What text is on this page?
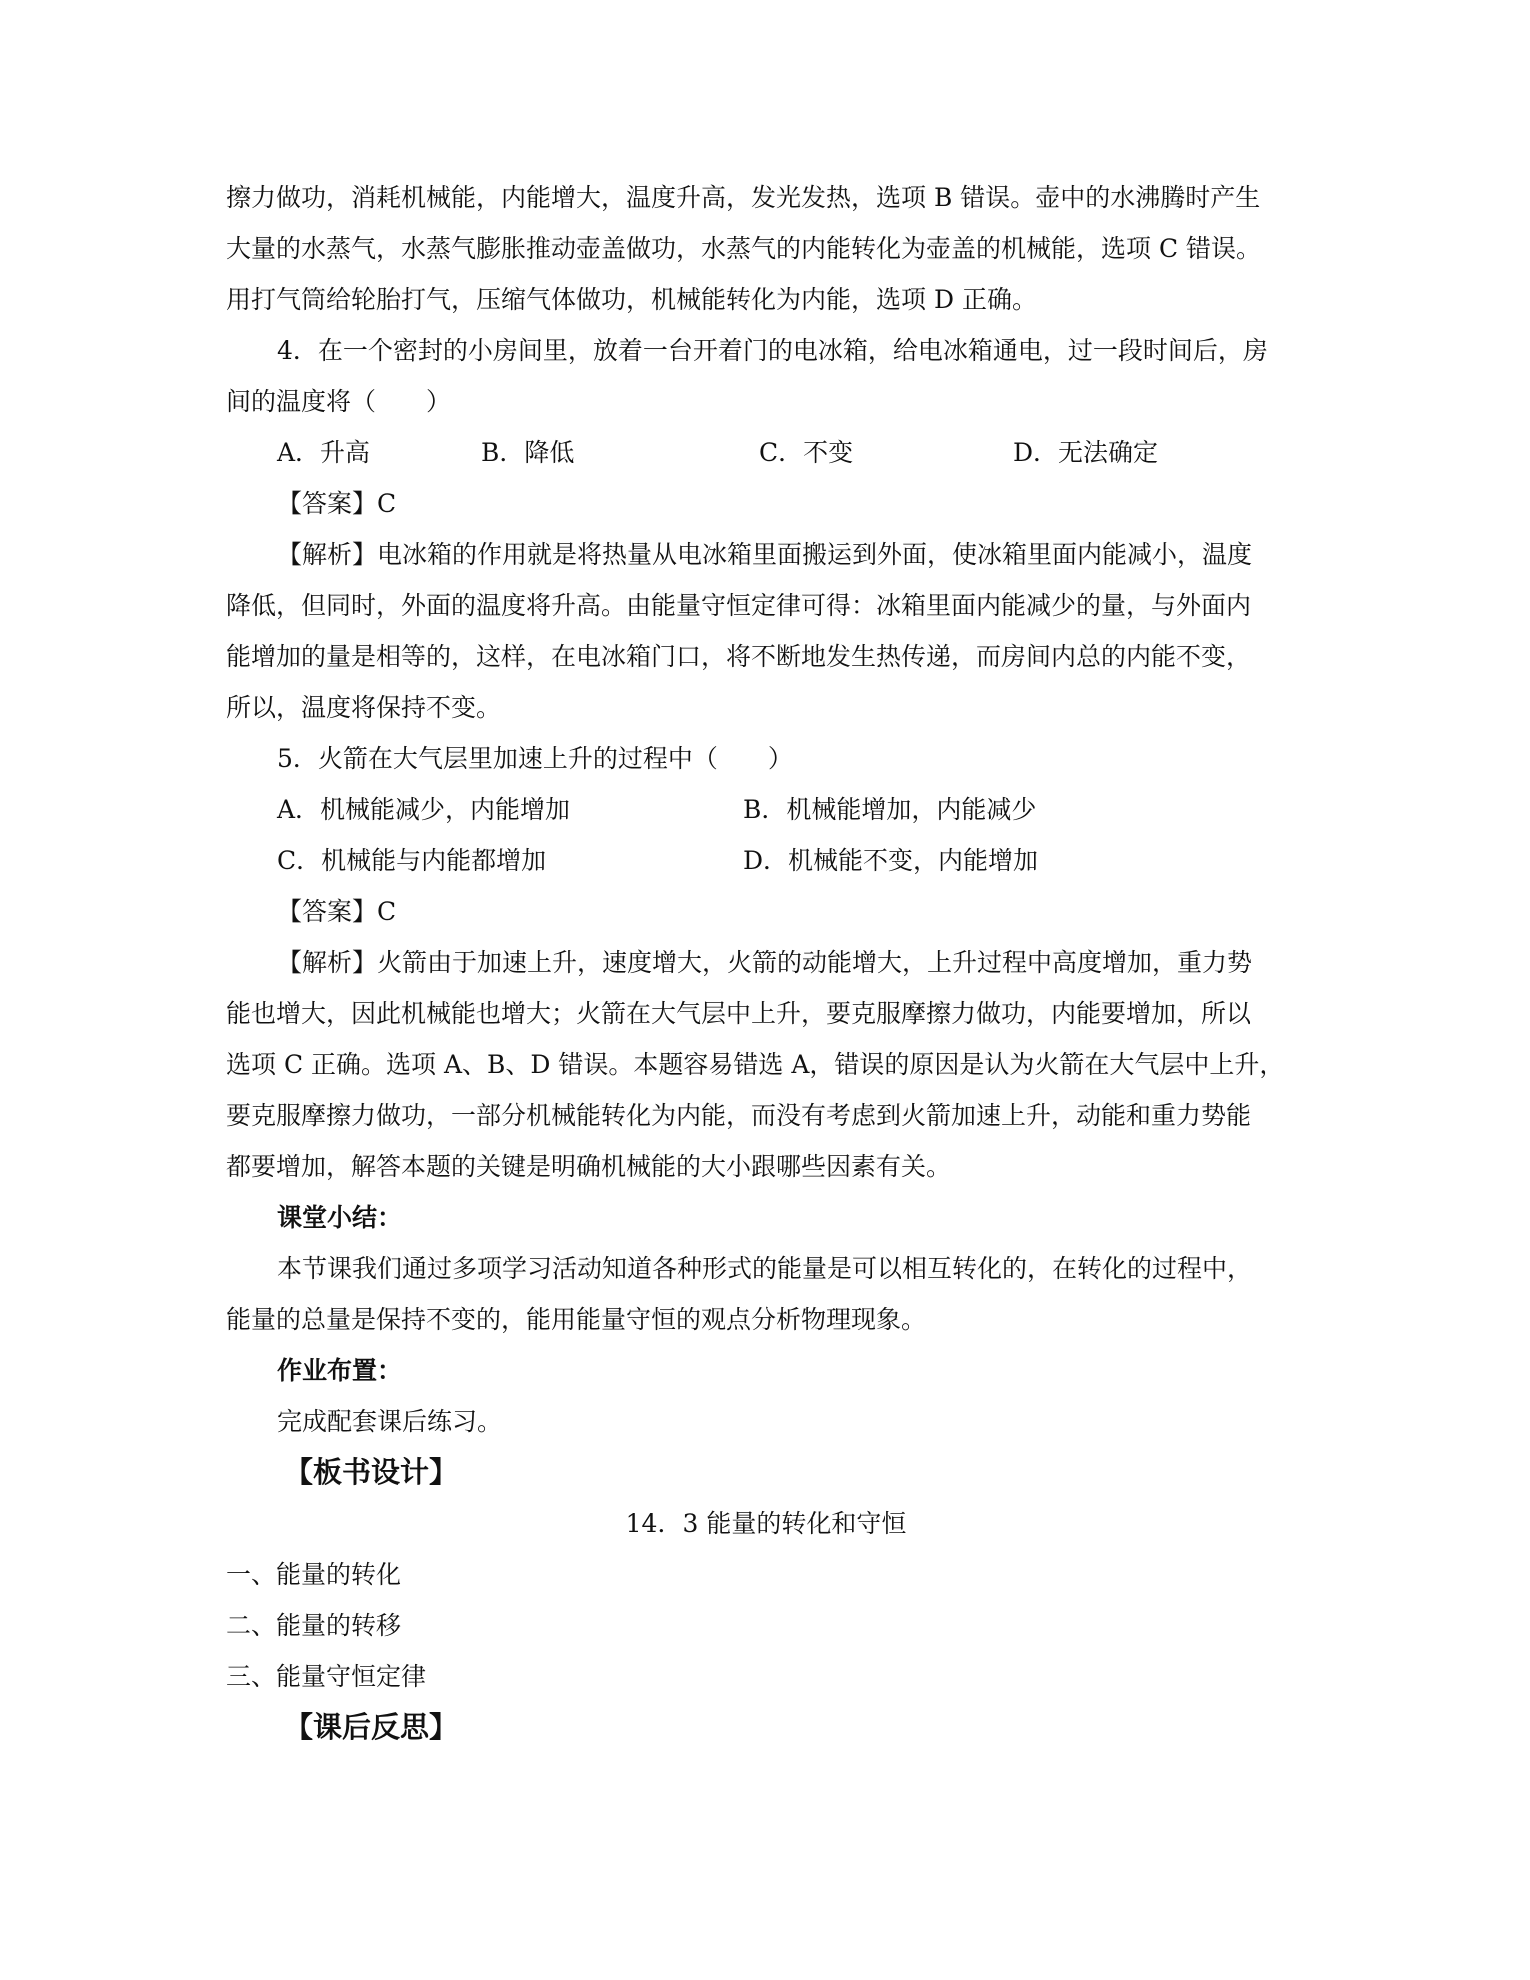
擦力做功，消耗机械能，内能增大，温度升高，发光发热，选项 B 错误。壶中的水沸腾时产生
大量的水蒸气，水蒸气膨胀推动壶盖做功，水蒸气的内能转化为壶盖的机械能，选项 C 错误。
用打气筒给轮胎打气，压缩气体做功，机械能转化为内能，选项 D 正确。
4．在一个密封的小房间里，放着一台开着门的电冰箱，给电冰箱通电，过一段时间后，房
间的温度将（　　）
A．升高	B．降低	C．不变	D．无法确定
【答案】C
【解析】电冰箱的作用就是将热量从电冰箱里面搬运到外面，使冰箱里面内能减小，温度
降低，但同时，外面的温度将升高。由能量守恒定律可得：冰箱里面内能减少的量，与外面内
能增加的量是相等的，这样，在电冰箱门口，将不断地发生热传递，而房间内总的内能不变，
所以，温度将保持不变。
5．火箭在大气层里加速上升的过程中（　　）
A．机械能减少，内能增加	B．机械能增加，内能减少
C．机械能与内能都增加	D．机械能不变，内能增加
【答案】C
【解析】火箭由于加速上升，速度增大，火箭的动能增大，上升过程中高度增加，重力势
能也增大，因此机械能也增大；火箭在大气层中上升，要克服摩擦力做功，内能要增加，所以
选项 C 正确。选项 A、B、D 错误。本题容易错选 A，错误的原因是认为火箭在大气层中上升，
要克服摩擦力做功，一部分机械能转化为内能，而没有考虑到火箭加速上升，动能和重力势能
都要增加，解答本题的关键是明确机械能的大小跟哪些因素有关。
课堂小结：
本节课我们通过多项学习活动知道各种形式的能量是可以相互转化的，在转化的过程中，
能量的总量是保持不变的，能用能量守恒的观点分析物理现象。
作业布置：
完成配套课后练习。
【板书设计】
14．3 能量的转化和守恒
一、能量的转化
二、能量的转移
三、能量守恒定律
【课后反思】
